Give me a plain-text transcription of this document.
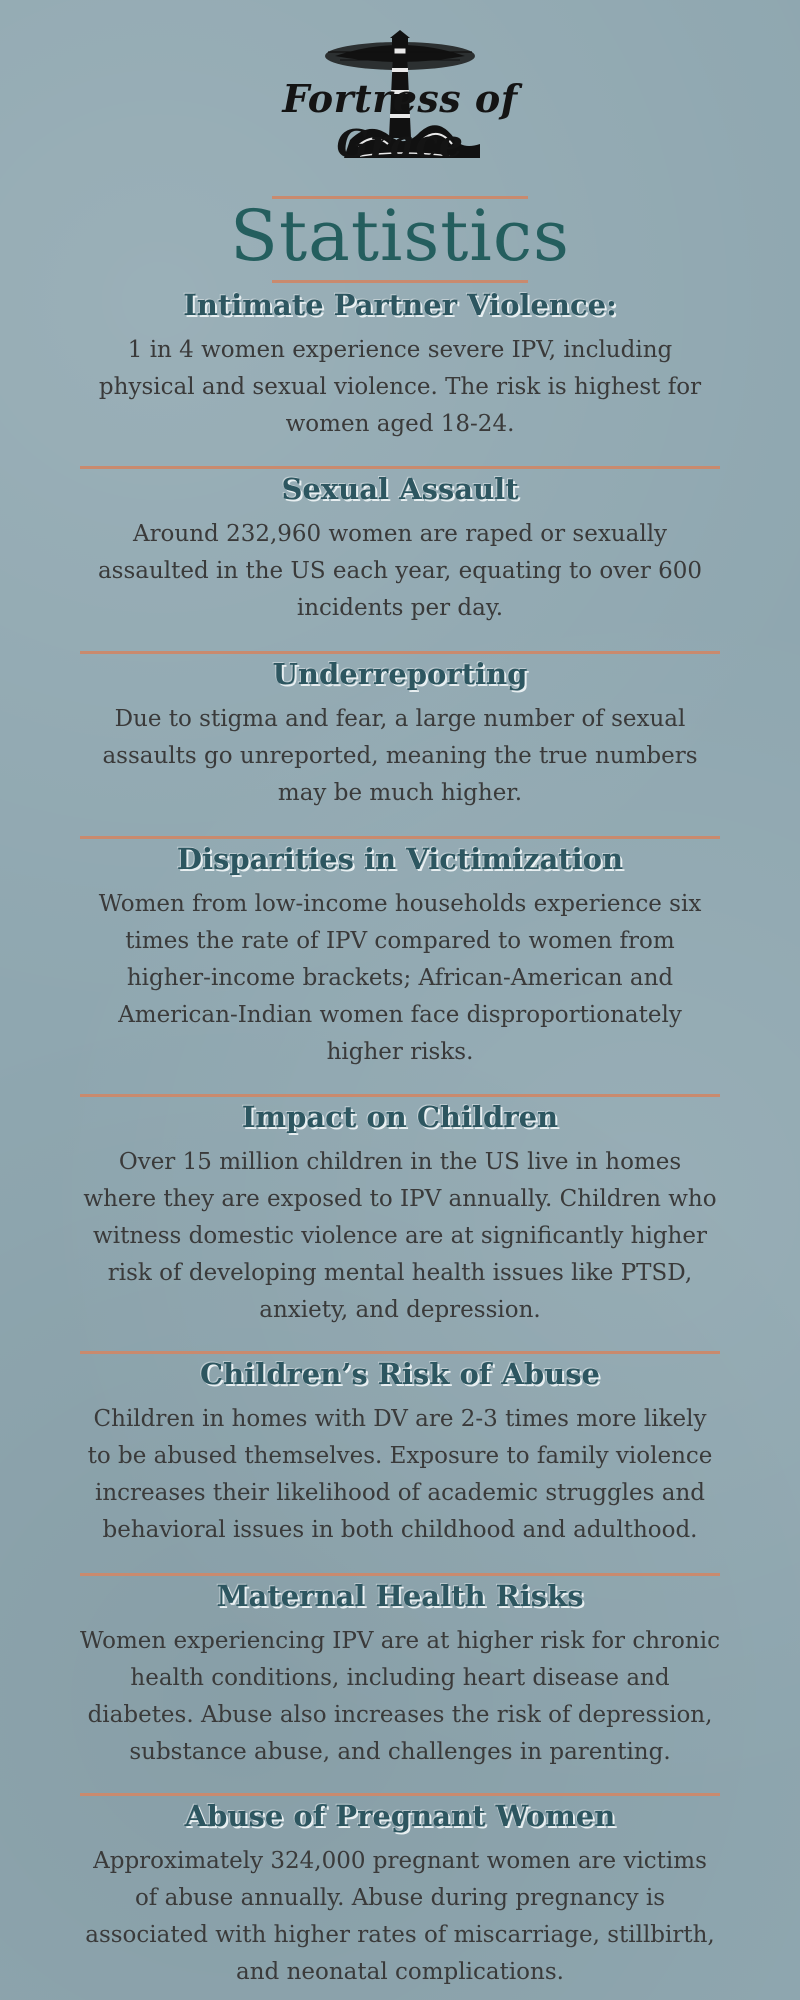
Fortress of Grace
Statistics
Intimate Partner Violence:

1 in 4 women experience severe IPV, including physical and sexual violence. The risk is highest for women aged 18-24.

Sexual Assault

Around 232,960 women are raped or sexually assaulted in the US each year, equating to over 600 incidents per day.

Underreporting

Due to stigma and fear, a large number of sexual assaults go unreported, meaning the true numbers may be much higher.

Disparities in Victimization

Women from low-income households experience six times the rate of IPV compared to women from higher-income brackets; African-American and American-Indian women face disproportionately higher risks.

Impact on Children

Over 15 million children in the US live in homes where they are exposed to IPV annually. Children who witness domestic violence are at significantly higher risk of developing mental health issues like PTSD, anxiety, and depression.

Children’s Risk of Abuse

Children in homes with DV are 2-3 times more likely to be abused themselves. Exposure to family violence increases their likelihood of academic struggles and behavioral issues in both childhood and adulthood.

Maternal Health Risks

Women experiencing IPV are at higher risk for chronic health conditions, including heart disease and diabetes. Abuse also increases the risk of depression, substance abuse, and challenges in parenting.

Abuse of Pregnant Women

Approximately 324,000 pregnant women are victims of abuse annually. Abuse during pregnancy is associated with higher rates of miscarriage, stillbirth, and neonatal complications.
